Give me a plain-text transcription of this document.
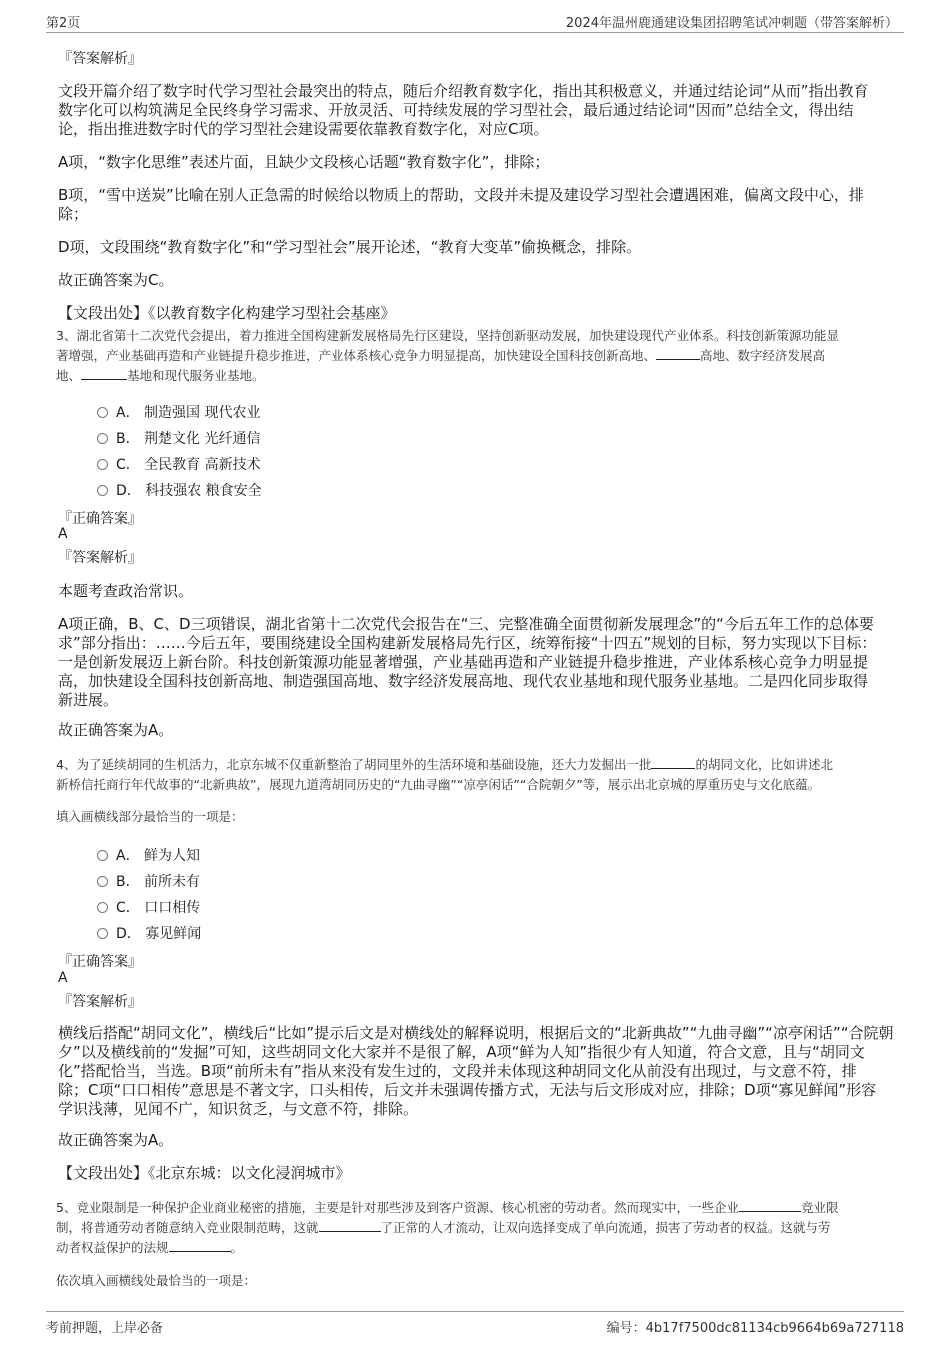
第2页	2024年温州鹿通建设集团招聘笔试冲刺题（带答案解析）
『答案解析』
文段开篇介绍了数字时代学习型社会最突出的特点，随后介绍教育数字化，指出其积极意义，并通过结论词“从而”指出教育
数字化可以构筑满足全民终身学习需求、开放灵活、可持续发展的学习型社会，最后通过结论词“因而”总结全文，得出结
论，指出推进数字时代的学习型社会建设需要依靠教育数字化，对应C项。
A项，“数字化思维”表述片面，且缺少文段核心话题“教育数字化”，排除；
B项，“雪中送炭”比喻在别人正急需的时候给以物质上的帮助，文段并未提及建设学习型社会遭遇困难，偏离文段中心，排
除；
D项，文段围绕“教育数字化”和“学习型社会”展开论述，“教育大变革”偷换概念，排除。
故正确答案为C。
【文段出处】《以教育数字化构建学习型社会基座》
3、湖北省第十二次党代会提出，着力推进全国构建新发展格局先行区建设，坚持创新驱动发展，加快建设现代产业体系。科技创新策源功能显
著增强，产业基础再造和产业链提升稳步推进，产业体系核心竞争力明显提高，加快建设全国科技创新高地、	高地、数字经济发展高
地、	基地和现代服务业基地。
A． 制造强国 现代农业
B． 荆楚文化 光纤通信
C． 全民教育 高新技术
D． 科技强农 粮食安全
『正确答案』
A
『答案解析』
本题考查政治常识。
A项正确，B、C、D三项错误，湖北省第十二次党代会报告在“三、完整准确全面贯彻新发展理念”的“今后五年工作的总体要
求”部分指出：……今后五年，要围绕建设全国构建新发展格局先行区，统筹衔接“十四五”规划的目标，努力实现以下目标：
一是创新发展迈上新台阶。科技创新策源功能显著增强，产业基础再造和产业链提升稳步推进，产业体系核心竞争力明显提
高，加快建设全国科技创新高地、制造强国高地、数字经济发展高地、现代农业基地和现代服务业基地。二是四化同步取得
新进展。
故正确答案为A。
4、为了延续胡同的生机活力，北京东城不仅重新整治了胡同里外的生活环境和基础设施，还大力发掘出一批	的胡同文化，比如讲述北
新桥信托商行年代故事的“北新典故”，展现九道湾胡同历史的“九曲寻幽”“凉亭闲话”“合院朝夕”等，展示出北京城的厚重历史与文化底蕴。
填入画横线部分最恰当的一项是：
A． 鲜为人知
B． 前所未有
C． 口口相传
D． 寡见鲜闻
『正确答案』
A
『答案解析』
横线后搭配“胡同文化”，横线后“比如”提示后文是对横线处的解释说明，根据后文的“北新典故”“九曲寻幽”“凉亭闲话”“合院朝
夕”以及横线前的“发掘”可知，这些胡同文化大家并不是很了解，A项“鲜为人知”指很少有人知道，符合文意，且与“胡同文
化”搭配恰当，当选。B项“前所未有”指从来没有发生过的，文段并未体现这种胡同文化从前没有出现过，与文意不符，排
除；C项“口口相传”意思是不著文字，口头相传，后文并未强调传播方式，无法与后文形成对应，排除；D项“寡见鲜闻”形容
学识浅薄，见闻不广，知识贫乏，与文意不符，排除。
故正确答案为A。
【文段出处】《北京东城：以文化浸润城市》
5、竞业限制是一种保护企业商业秘密的措施，主要是针对那些涉及到客户资源、核心机密的劳动者。然而现实中，一些企业	竞业限
制，将普通劳动者随意纳入竞业限制范畴，这就	了正常的人才流动，让双向选择变成了单向流通，损害了劳动者的权益。这就与劳
动者权益保护的法规	。
依次填入画横线处最恰当的一项是：
考前押题，上岸必备	编号：4b17f7500dc81134cb9664b69a727118
